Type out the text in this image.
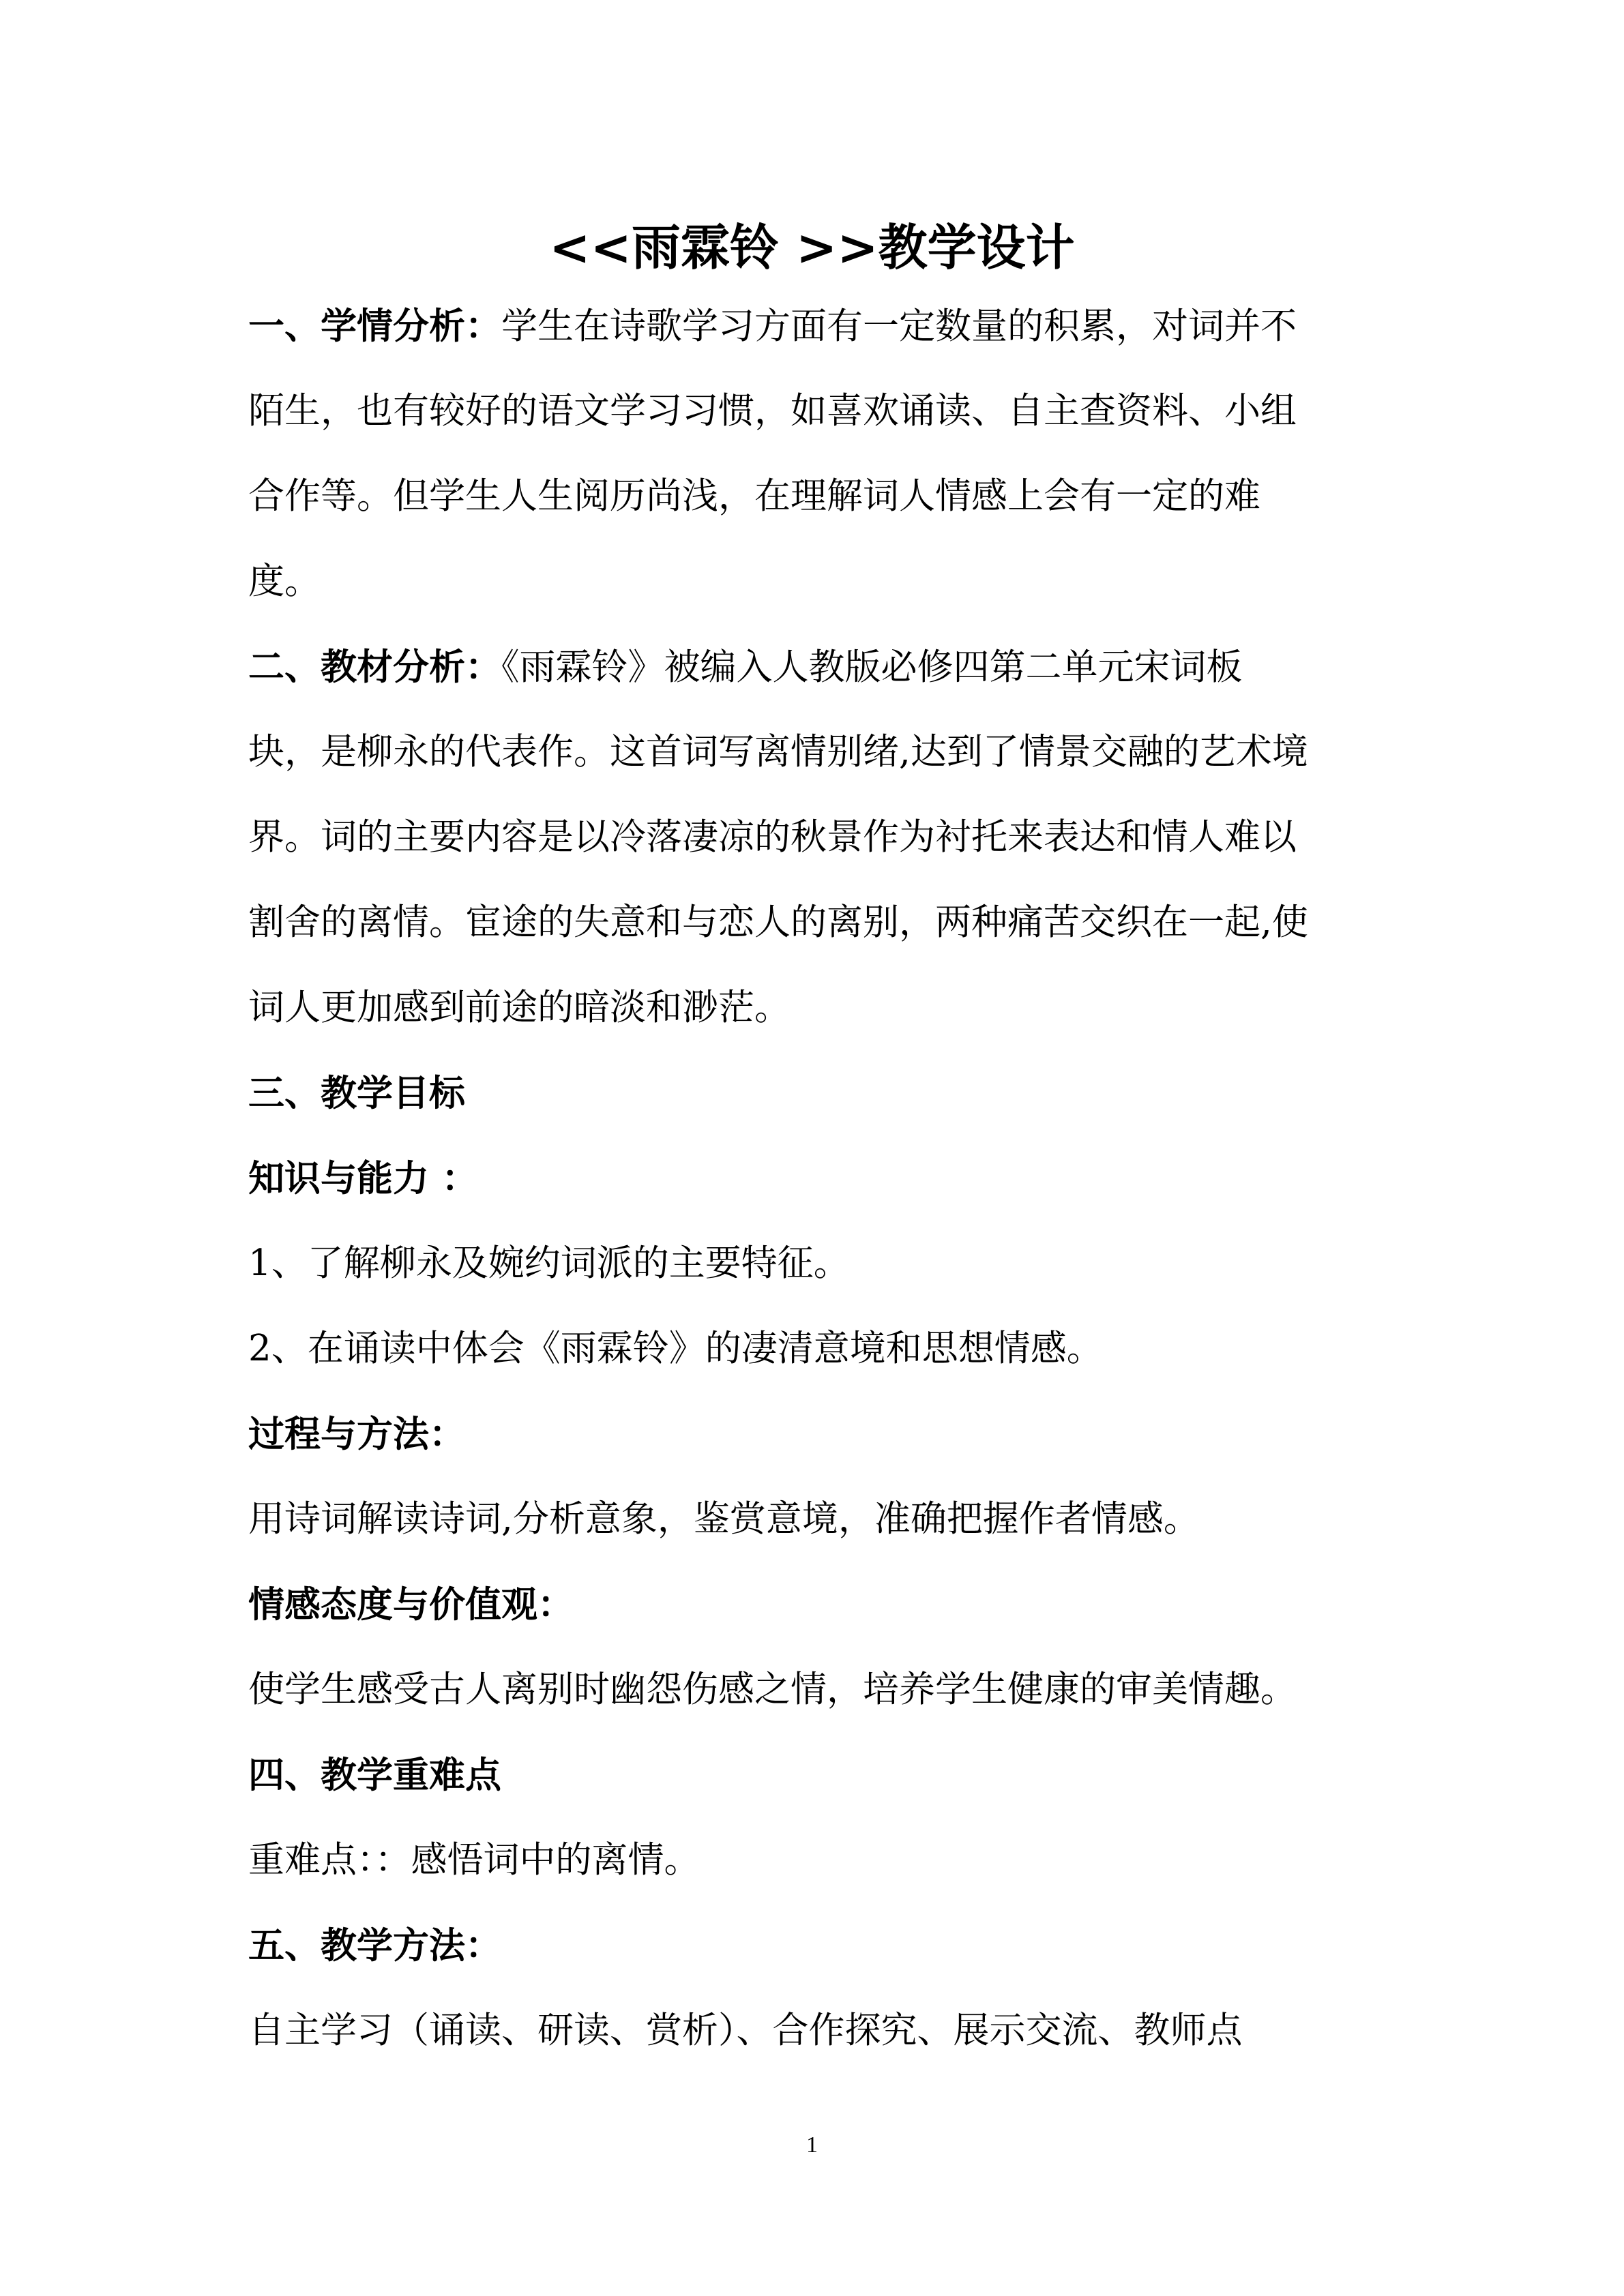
<<雨霖铃 >>教学设计
一、学情分析：学生在诗歌学习方面有一定数量的积累，对词并不
陌生，也有较好的语文学习习惯，如喜欢诵读、自主查资料、小组
合作等。但学生人生阅历尚浅，在理解词人情感上会有一定的难
度。
二、教材分析：《雨霖铃》被编入人教版必修四第二单元宋词板
块，是柳永的代表作。这首词写离情别绪,达到了情景交融的艺术境
界。词的主要内容是以冷落凄凉的秋景作为衬托来表达和情人难以
割舍的离情。宦途的失意和与恋人的离别，两种痛苦交织在一起,使
词人更加感到前途的暗淡和渺茫。
三、教学目标
知识与能力 ：
1、了解柳永及婉约词派的主要特征。
2、在诵读中体会《雨霖铃》的凄清意境和思想情感。
过程与方法：
用诗词解读诗词,分析意象，鉴赏意境，准确把握作者情感。
情感态度与价值观：
使学生感受古人离别时幽怨伤感之情，培养学生健康的审美情趣。
四、教学重难点
重难点：：感悟词中的离情。
五、教学方法：
自主学习（诵读、研读、赏析）、合作探究、展示交流、教师点
1
